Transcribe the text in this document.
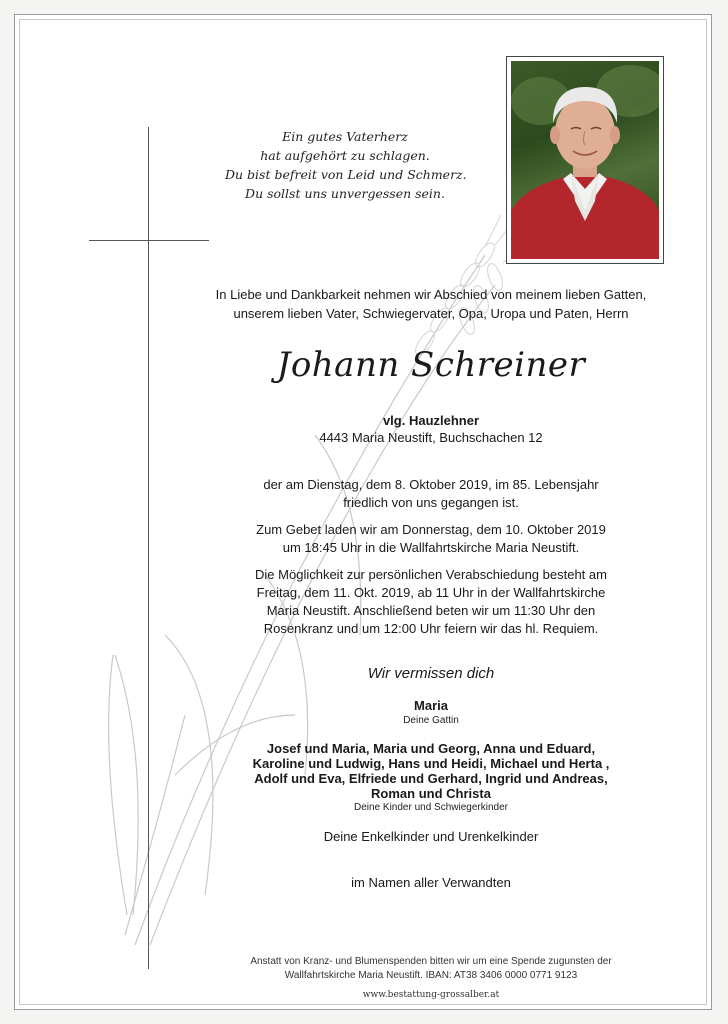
Ein gutes Vaterherz
hat aufgehört zu schlagen.
Du bist befreit von Leid und Schmerz.
Du sollst uns unvergessen sein.
In Liebe und Dankbarkeit nehmen wir Abschied von meinem lieben Gatten,
unserem lieben Vater, Schwiegervater, Opa, Uropa und Paten, Herrn
Johann Schreiner
vlg. Hauzlehner
4443 Maria Neustift, Buchschachen 12
der am Dienstag, dem 8. Oktober 2019, im 85. Lebensjahr
friedlich von uns gegangen ist.
Zum Gebet laden wir am Donnerstag, dem 10. Oktober 2019
um 18:45 Uhr in die Wallfahrtskirche Maria Neustift.
Die Möglichkeit zur persönlichen Verabschiedung besteht am
Freitag, dem 11. Okt. 2019, ab 11 Uhr in der Wallfahrtskirche
Maria Neustift. Anschließend beten wir um 11:30 Uhr den
Rosenkranz und um 12:00 Uhr feiern wir das hl. Requiem.
Wir vermissen dich
Maria
Deine Gattin
Josef und Maria, Maria und Georg, Anna und Eduard,
Karoline und Ludwig, Hans und Heidi, Michael und Herta ,
Adolf und Eva, Elfriede und Gerhard, Ingrid und Andreas,
Roman und Christa
Deine Kinder und Schwiegerkinder
Deine Enkelkinder und Urenkelkinder
im Namen aller Verwandten
Anstatt von Kranz- und Blumenspenden bitten wir um eine Spende zugunsten der
Wallfahrtskirche Maria Neustift. IBAN: AT38 3406 0000 0771 9123
www.bestattung-grossalber.at
